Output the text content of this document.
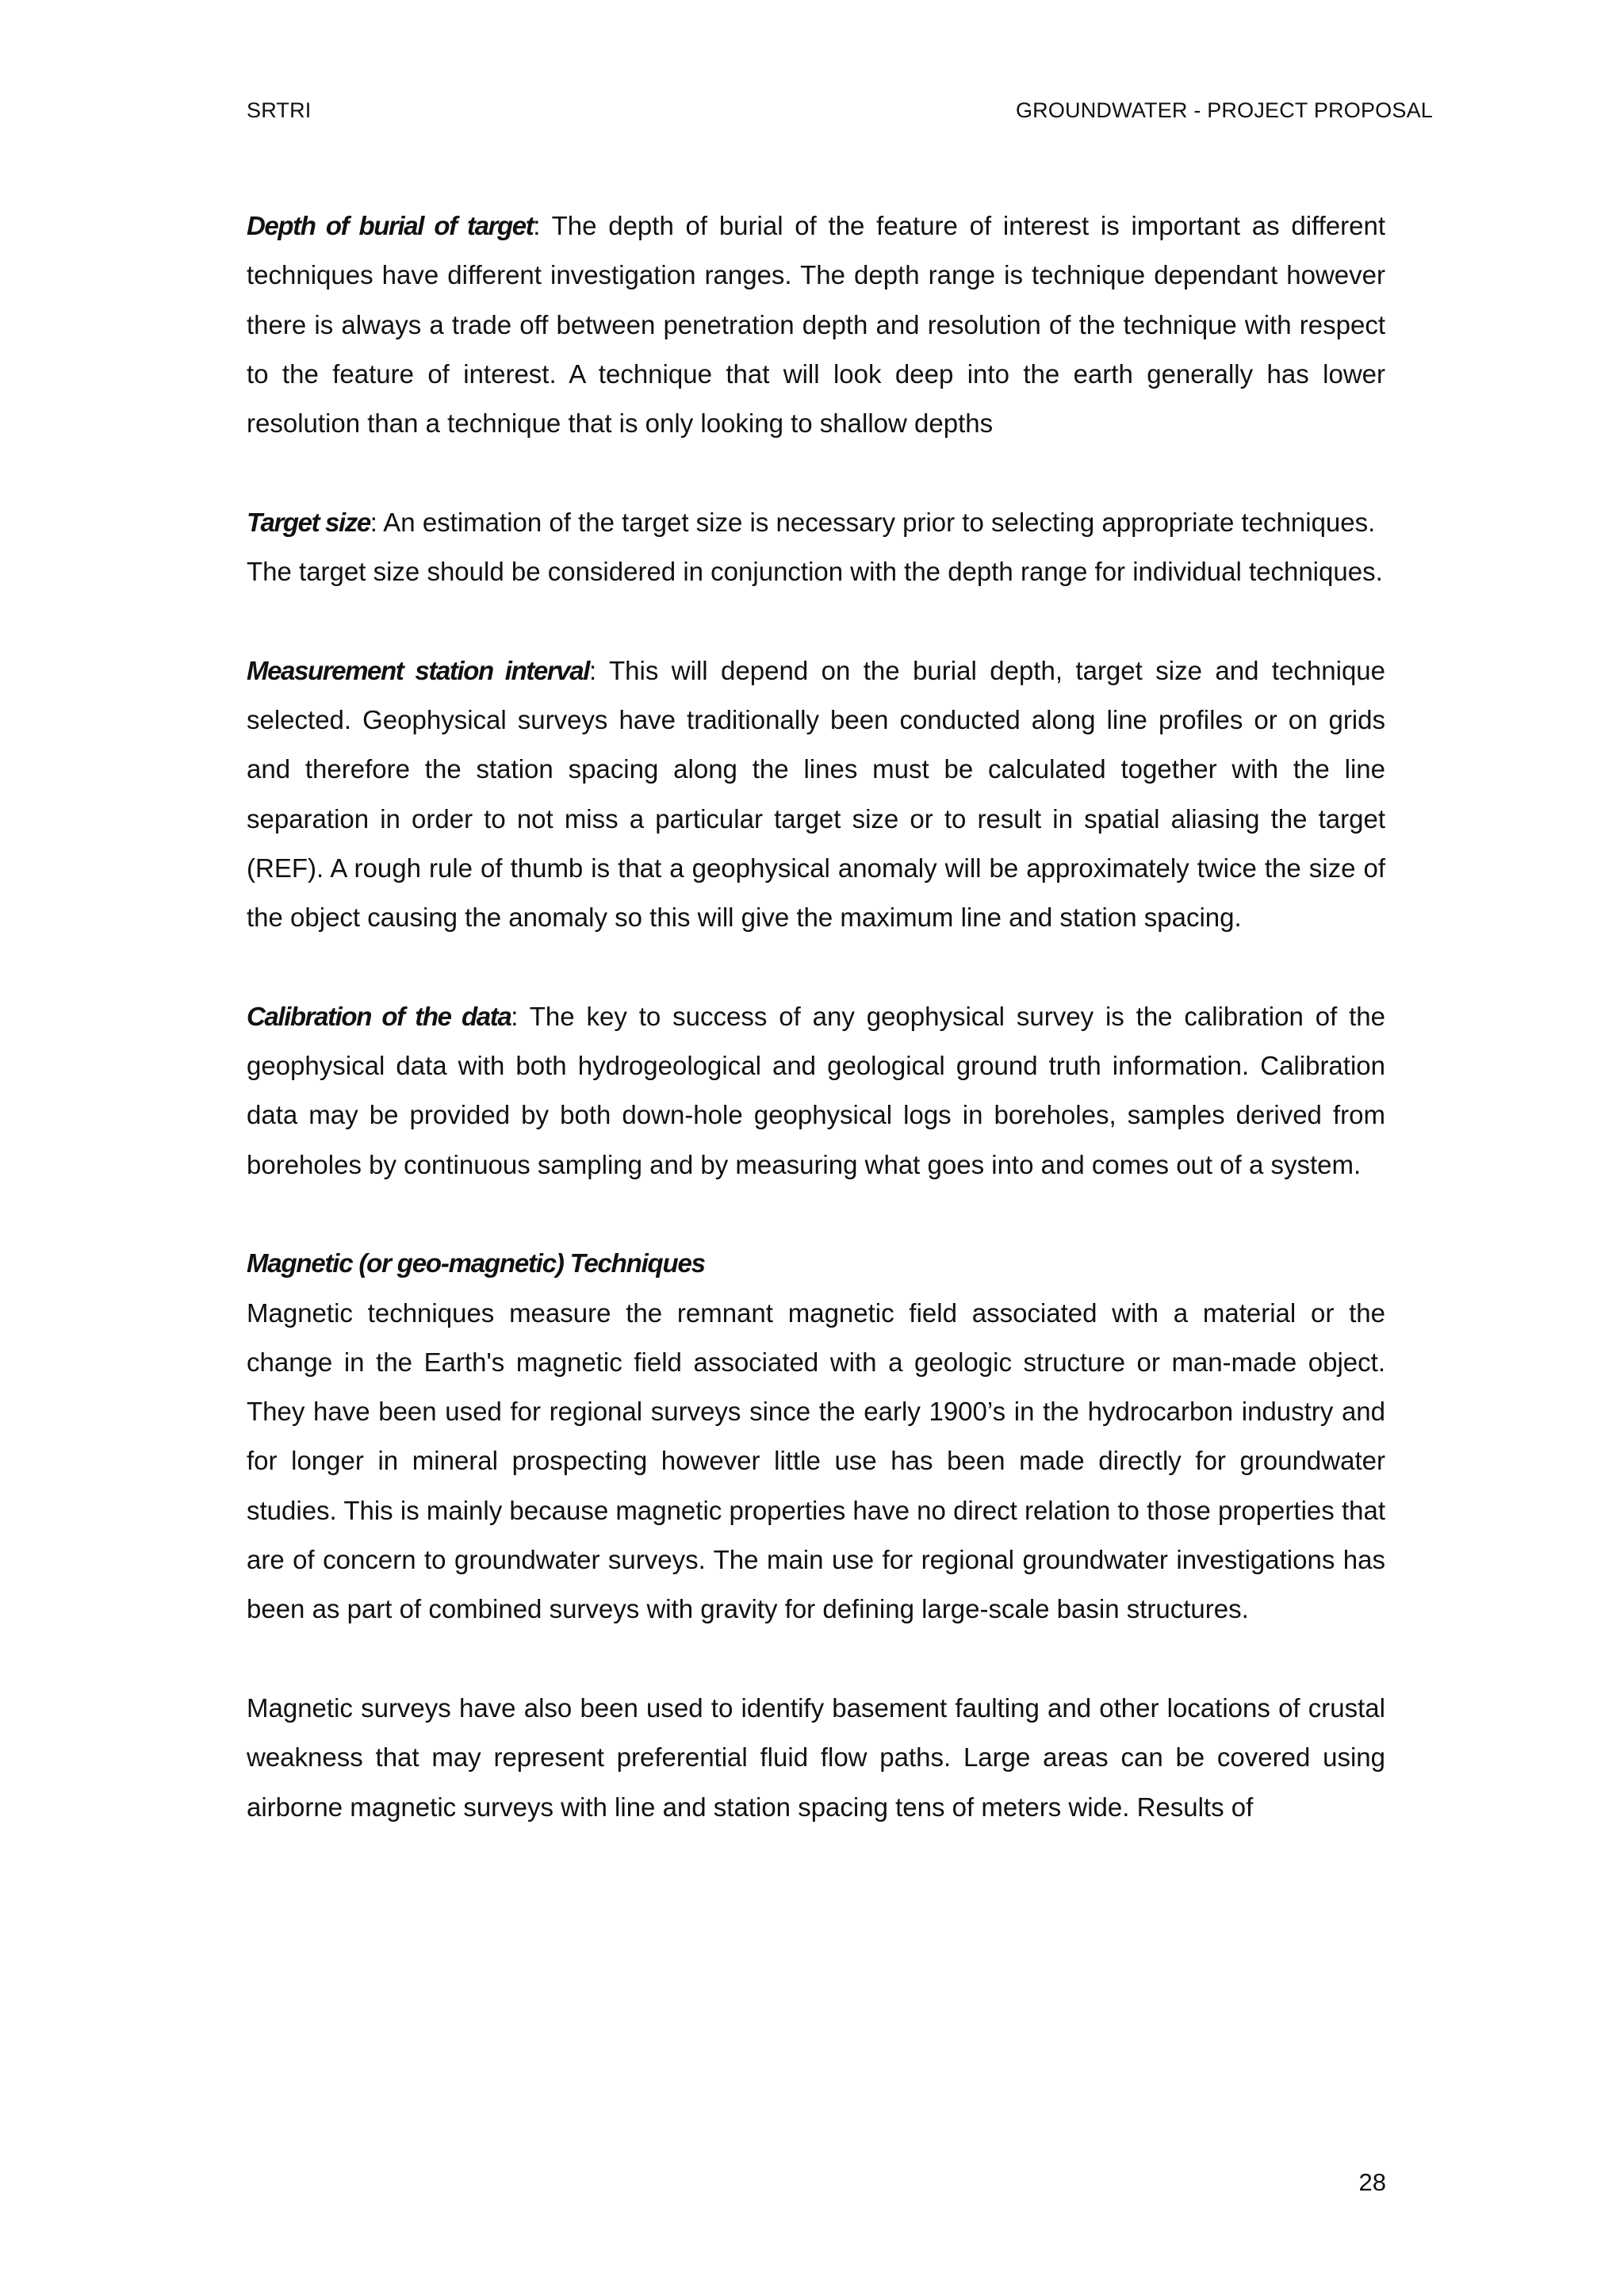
SRTRI	GROUNDWATER - PROJECT PROPOSAL

Depth of burial of target: The depth of burial of the feature of interest is important as different techniques have different investigation ranges. The depth range is technique dependant however there is always a trade off between penetration depth and resolution of the technique with respect to the feature of interest. A technique that will look deep into the earth generally has lower resolution than a technique that is only looking to shallow depths

Target size: An estimation of the target size is necessary prior to selecting appropriate techniques.
The target size should be considered in conjunction with the depth range for individual techniques.

Measurement station interval: This will depend on the burial depth, target size and technique selected. Geophysical surveys have traditionally been conducted along line profiles or on grids and therefore the station spacing along the lines must be calculated together with the line separation in order to not miss a particular target size or to result in spatial aliasing the target (REF). A rough rule of thumb is that a geophysical anomaly will be approximately twice the size of the object causing the anomaly so this will give the maximum line and station spacing.

Calibration of the data: The key to success of any geophysical survey is the calibration of the geophysical data with both hydrogeological and geological ground truth information. Calibration data may be provided by both down-hole geophysical logs in boreholes, samples derived from boreholes by continuous sampling and by measuring what goes into and comes out of a system.

Magnetic (or geo-magnetic) Techniques

Magnetic techniques measure the remnant magnetic field associated with a material or the change in the Earth's magnetic field associated with a geologic structure or man-made object. They have been used for regional surveys since the early 1900’s in the hydrocarbon industry and for longer in mineral prospecting however little use has been made directly for groundwater studies. This is mainly because magnetic properties have no direct relation to those properties that are of concern to groundwater surveys. The main use for regional groundwater investigations has been as part of combined surveys with gravity for defining large-scale basin structures.

Magnetic surveys have also been used to identify basement faulting and other locations of crustal weakness that may represent preferential fluid flow paths. Large areas can be covered using airborne magnetic surveys with line and station spacing tens of meters wide. Results of

28
